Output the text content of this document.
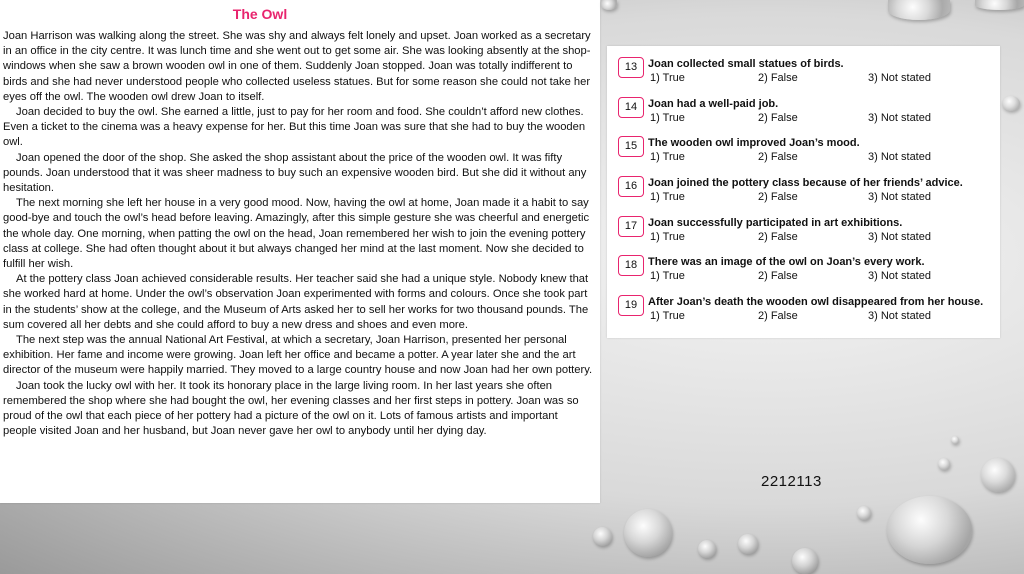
The Owl

Joan Harrison was walking along the street. She was shy and always felt lonely and upset. Joan worked as a secretary in an office in the city centre. It was lunch time and she went out to get some air. She was looking absently at the shop-windows when she saw a brown wooden owl in one of them. Suddenly Joan stopped. Joan was totally indifferent to birds and she had never understood people who collected useless statues. But for some reason she could not take her eyes off the owl. The wooden owl drew Joan to itself.

Joan decided to buy the owl. She earned a little, just to pay for her room and food. She couldn’t afford new clothes. Even a ticket to the cinema was a heavy expense for her. But this time Joan was sure that she had to buy the wooden owl.

Joan opened the door of the shop. She asked the shop assistant about the price of the wooden owl. It was fifty pounds. Joan understood that it was sheer madness to buy such an expensive wooden bird. But she did it without any hesitation.

The next morning she left her house in a very good mood. Now, having the owl at home, Joan made it a habit to say good-bye and touch the owl’s head before leaving. Amazingly, after this simple gesture she was cheerful and energetic the whole day. One morning, when patting the owl on the head, Joan remembered her wish to join the evening pottery class at college. She had often thought about it but always changed her mind at the last moment. Now she decided to fulfill her wish.

At the pottery class Joan achieved considerable results. Her teacher said she had a unique style. Nobody knew that she worked hard at home. Under the owl’s observation Joan experimented with forms and colours. Once she took part in the students’ show at the college, and the Museum of Arts asked her to sell her works for two thousand pounds. The sum covered all her debts and she could afford to buy a new dress and shoes and even more.

The next step was the annual National Art Festival, at which a secretary, Joan Harrison, presented her personal exhibition. Her fame and income were growing. Joan left her office and became a potter. A year later she and the art director of the museum were happily married. They moved to a large country house and now Joan had her own pottery.

Joan took the lucky owl with her. It took its honorary place in the large living room. In her last years she often remembered the shop where she had bought the owl, her evening classes and her first steps in pottery. Joan was so proud of the owl that each piece of her pottery had a picture of the owl on it. Lots of famous artists and important people visited Joan and her husband, but Joan never gave her owl to anybody until her dying day.

13 Joan collected small statues of birds.
1) True	2) False	3) Not stated
14 Joan had a well-paid job.
1) True	2) False	3) Not stated
15 The wooden owl improved Joan’s mood.
1) True	2) False	3) Not stated
16 Joan joined the pottery class because of her friends’ advice.
1) True	2) False	3) Not stated
17 Joan successfully participated in art exhibitions.
1) True	2) False	3) Not stated
18 There was an image of the owl on Joan’s every work.
1) True	2) False	3) Not stated
19 After Joan’s death the wooden owl disappeared from her house.
1) True	2) False	3) Not stated
2212113
